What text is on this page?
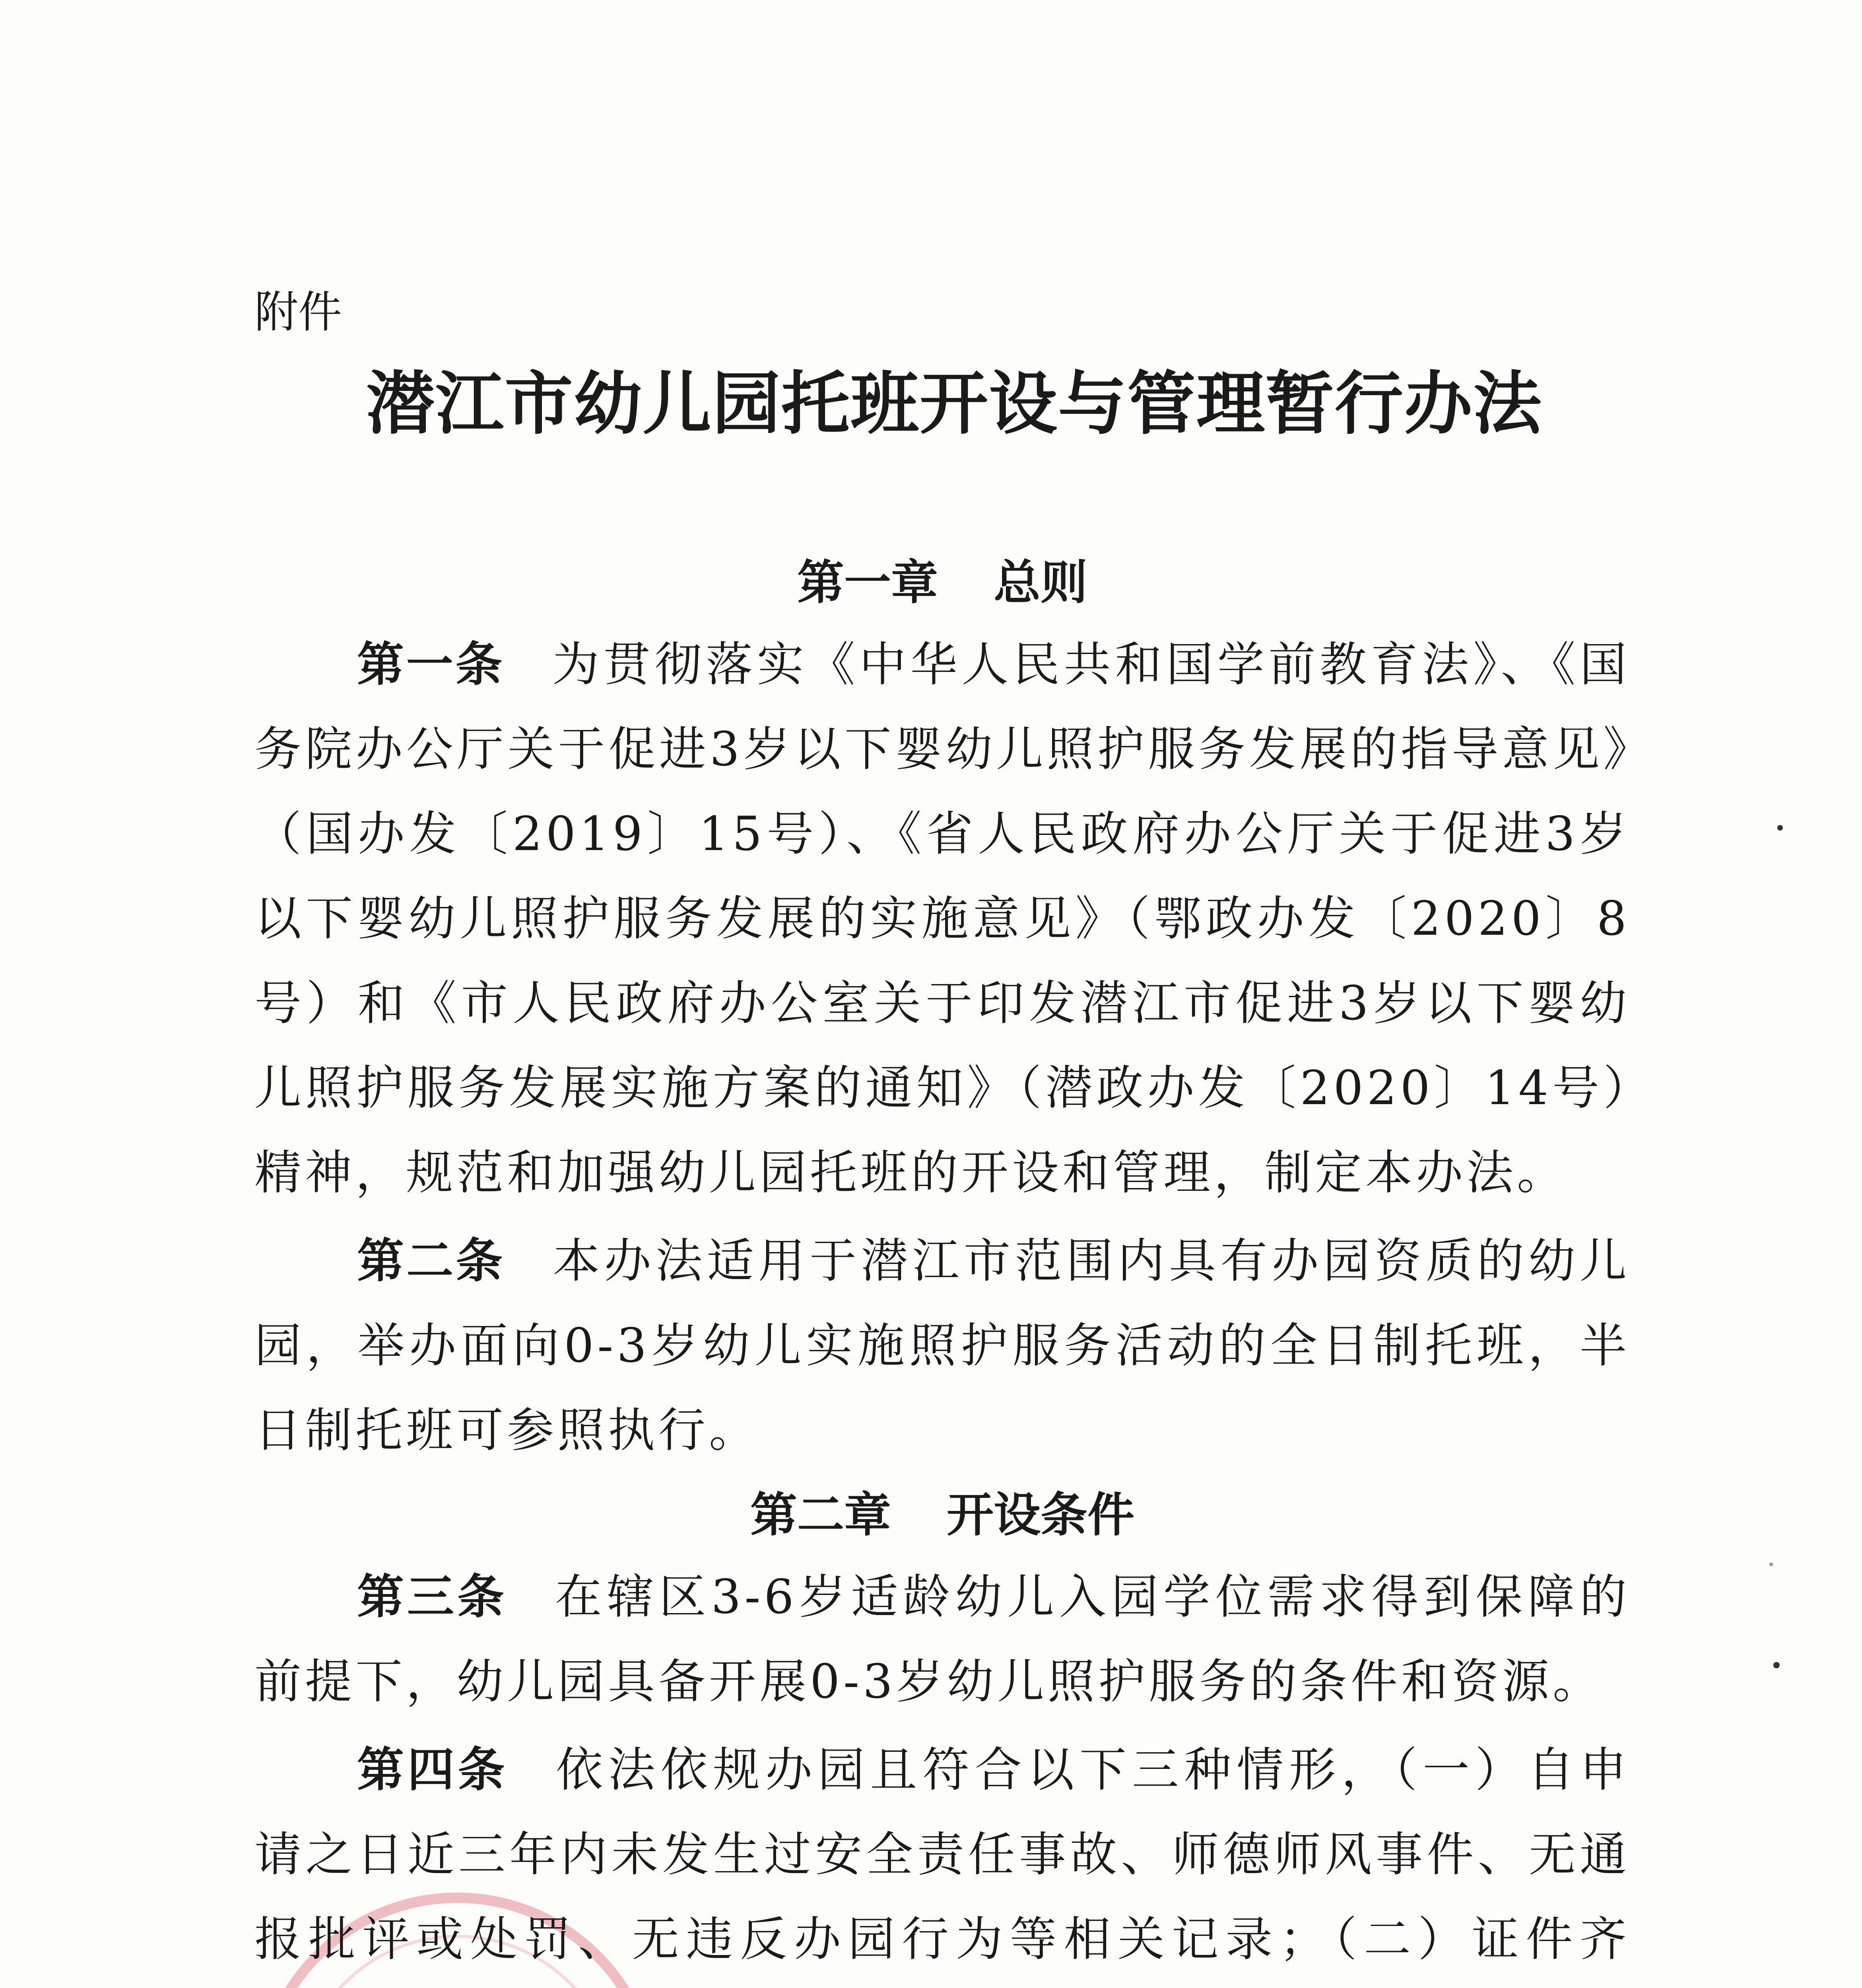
附件
潜江市幼儿园托班开设与管理暂行办法
第一章 总则
第一条 为贯彻落实《中华人民共和国学前教育法》、《国务院办公厅关于促进3岁以下婴幼儿照护服务发展的指导意见》（国办发〔2019〕15号）、《省人民政府办公厅关于促进3岁以下婴幼儿照护服务发展的实施意见》（鄂政办发〔2020〕8号）和《市人民政府办公室关于印发潜江市促进3岁以下婴幼儿照护服务发展实施方案的通知》（潜政办发〔2020〕14号）精神，规范和加强幼儿园托班的开设和管理，制定本办法。
第二条 本办法适用于潜江市范围内具有办园资质的幼儿园，举办面向0-3岁幼儿实施照护服务活动的全日制托班，半日制托班可参照执行。
第二章 开设条件
第三条 在辖区3-6岁适龄幼儿入园学位需求得到保障的前提下，幼儿园具备开展0-3岁幼儿照护服务的条件和资源。
第四条 依法依规办园且符合以下三种情形，（一）自申请之日近三年内未发生过安全责任事故、师德师风事件、无通报批评或处罚、无违反办园行为等相关记录；（二）证件齐
